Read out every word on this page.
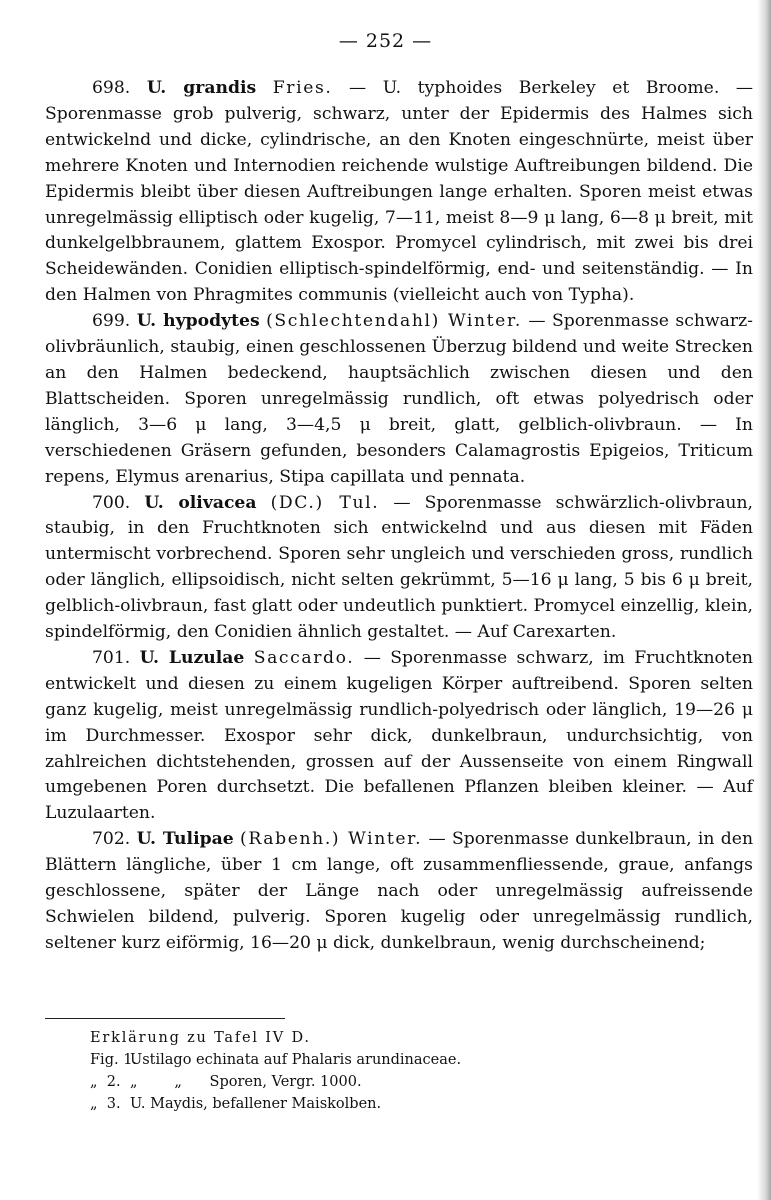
— 252 —

698. U. grandis Fries. — U. typhoides Berkeley et Broome. — Sporenmasse grob pulverig, schwarz, unter der Epidermis des Halmes sich entwickelnd und dicke, cylindrische, an den Knoten eingeschnürte, meist über mehrere Knoten und Internodien reichende wulstige Auftreibungen bildend. Die Epidermis bleibt über diesen Auftreibungen lange erhalten. Sporen meist etwas unregelmässig elliptisch oder kugelig, 7—11, meist 8—9 μ lang, 6—8 μ breit, mit dunkelgelbbraunem, glattem Exospor. Promycel cylindrisch, mit zwei bis drei Scheidewänden. Conidien elliptisch-spindelförmig, end- und seitenständig. — In den Halmen von Phragmites communis (vielleicht auch von Typha).

699. U. hypodytes (Schlechtendahl) Winter. — Sporenmasse schwarz-olivbräunlich, staubig, einen geschlossenen Überzug bildend und weite Strecken an den Halmen bedeckend, hauptsächlich zwischen diesen und den Blattscheiden. Sporen unregelmässig rundlich, oft etwas polyedrisch oder länglich, 3—6 μ lang, 3—4,5 μ breit, glatt, gelblich-olivbraun. — In verschiedenen Gräsern gefunden, besonders Calamagrostis Epigeios, Triticum repens, Elymus arenarius, Stipa capillata und pennata.

700. U. olivacea (DC.) Tul. — Sporenmasse schwärzlich-olivbraun, staubig, in den Fruchtknoten sich entwickelnd und aus diesen mit Fäden untermischt vorbrechend. Sporen sehr ungleich und verschieden gross, rundlich oder länglich, ellipsoidisch, nicht selten gekrümmt, 5—16 μ lang, 5 bis 6 μ breit, gelblich-olivbraun, fast glatt oder undeutlich punktiert. Promycel einzellig, klein, spindelförmig, den Conidien ähnlich gestaltet. — Auf Carexarten.

701. U. Luzulae Saccardo. — Sporenmasse schwarz, im Fruchtknoten entwickelt und diesen zu einem kugeligen Körper auftreibend. Sporen selten ganz kugelig, meist unregelmässig rundlich-polyedrisch oder länglich, 19—26 μ im Durchmesser. Exospor sehr dick, dunkelbraun, undurchsichtig, von zahlreichen dichtstehenden, grossen auf der Aussenseite von einem Ringwall umgebenen Poren durchsetzt. Die befallenen Pflanzen bleiben kleiner. — Auf Luzulaarten.

702. U. Tulipae (Rabenh.) Winter. — Sporenmasse dunkelbraun, in den Blättern längliche, über 1 cm lange, oft zusammenfliessende, graue, anfangs geschlossene, später der Länge nach oder unregelmässig aufreissende Schwielen bildend, pulverig. Sporen kugelig oder unregelmässig rundlich, seltener kurz eiförmig, 16—20 μ dick, dunkelbraun, wenig durchscheinend;

Erklärung zu Tafel IV D.
Fig. 1.Ustilago echinata auf Phalaris arundinaceae.
„  2. „        „      Sporen, Vergr. 1000.
„  3. U. Maydis, befallener Maiskolben.
